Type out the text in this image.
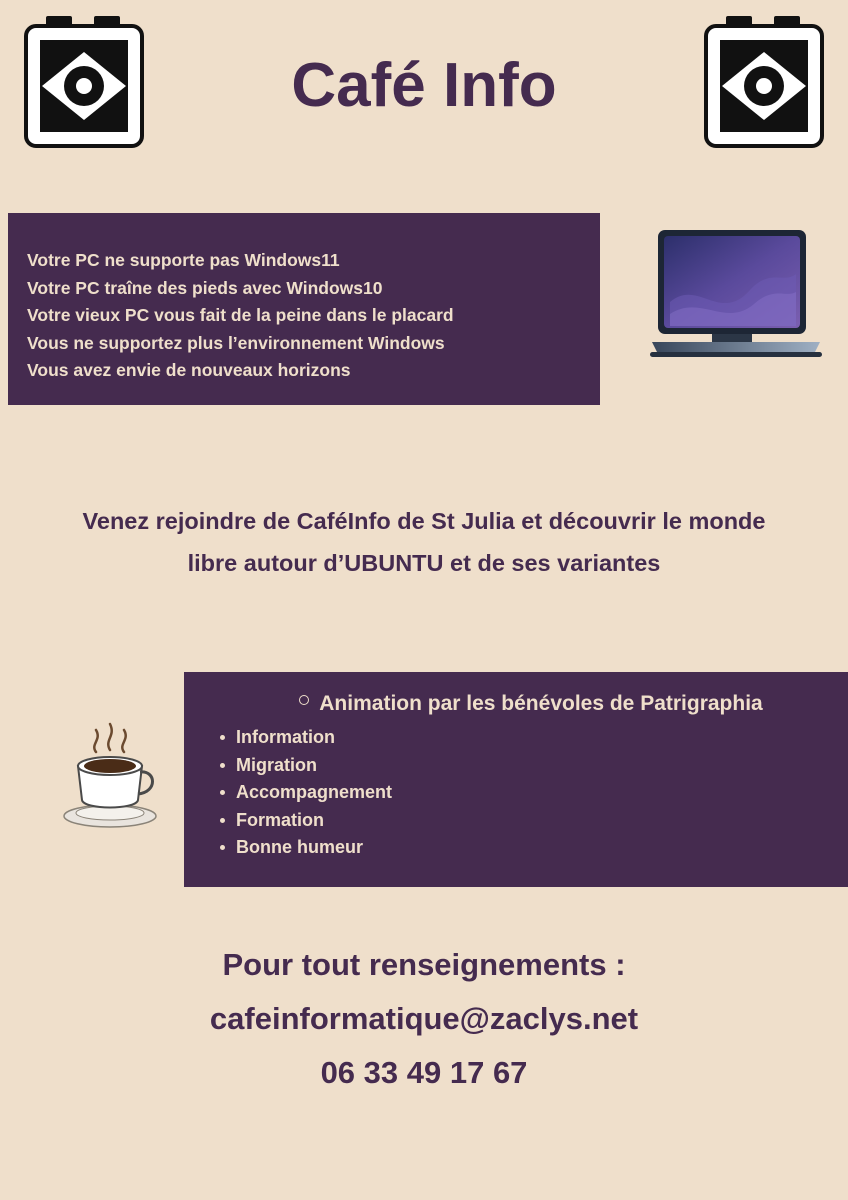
Café Info
Votre PC ne supporte pas Windows11
Votre PC traîne des pieds avec Windows10
Votre vieux PC vous fait de la peine dans le placard
Vous ne supportez plus l’environnement Windows
Vous avez envie de nouveaux horizons
Venez rejoindre de CaféInfo de St Julia et découvrir le monde
libre autour d’UBUNTU et de ses variantes
Animation par les bénévoles de Patrigraphia
Information
Migration
Accompagnement
Formation
Bonne humeur
Pour tout renseignements :
cafeinformatique@zaclys.net
06 33 49 17 67
